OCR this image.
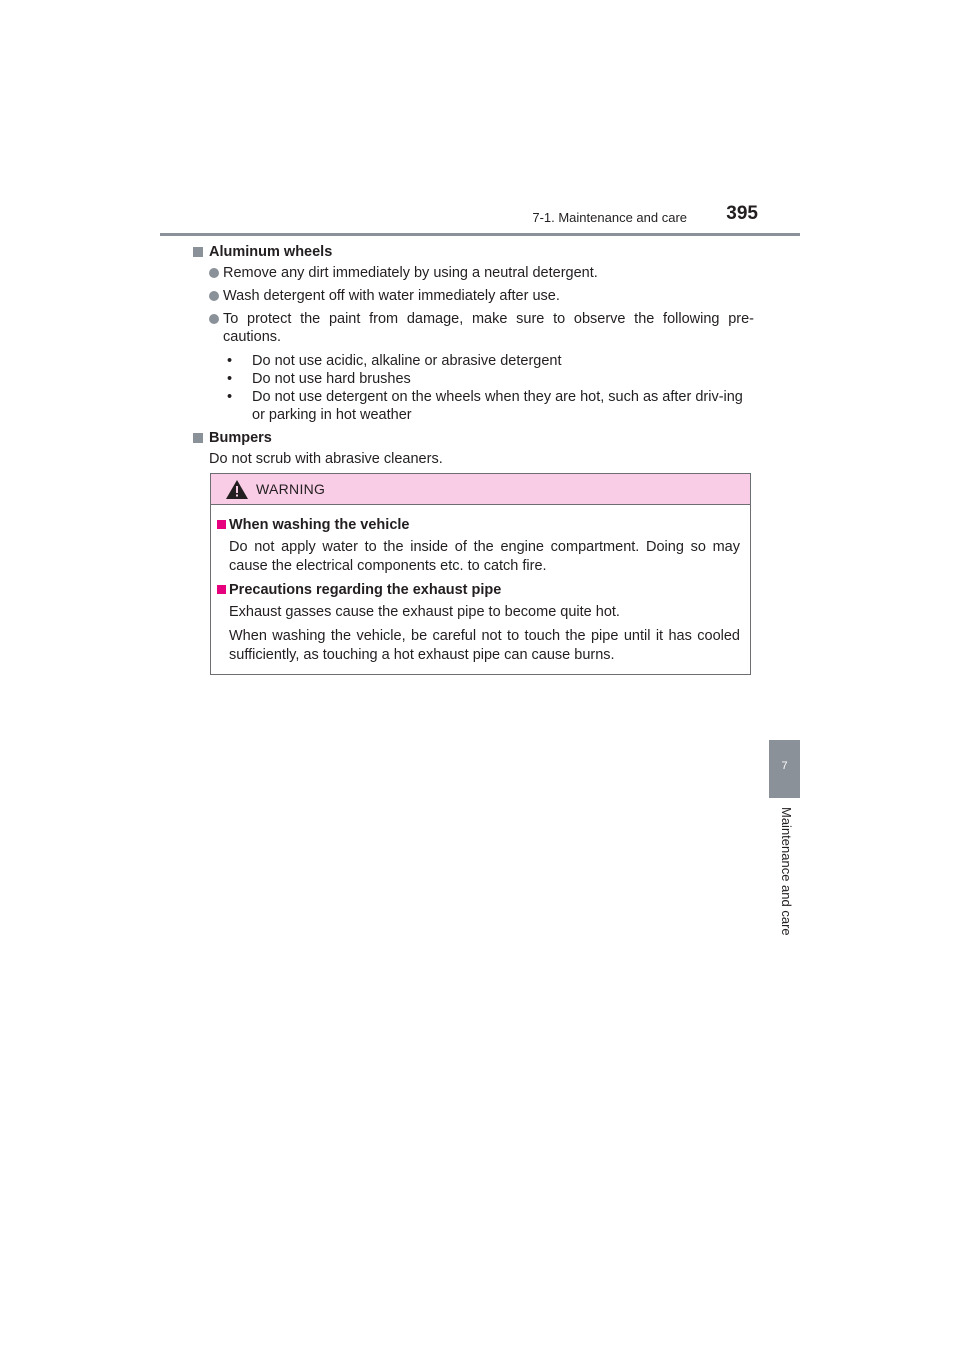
7-1. Maintenance and care 395
Aluminum wheels
Remove any dirt immediately by using a neutral detergent.
Wash detergent off with water immediately after use.
To protect the paint from damage, make sure to observe the following pre-cautions.
• Do not use acidic, alkaline or abrasive detergent
• Do not use hard brushes
• Do not use detergent on the wheels when they are hot, such as after driv-ing or parking in hot weather
Bumpers
Do not scrub with abrasive cleaners.
WARNING
When washing the vehicle
Do not apply water to the inside of the engine compartment. Doing so may cause the electrical components etc. to catch fire.
Precautions regarding the exhaust pipe
Exhaust gasses cause the exhaust pipe to become quite hot.
When washing the vehicle, be careful not to touch the pipe until it has cooled sufficiently, as touching a hot exhaust pipe can cause burns.
7
Maintenance and care
